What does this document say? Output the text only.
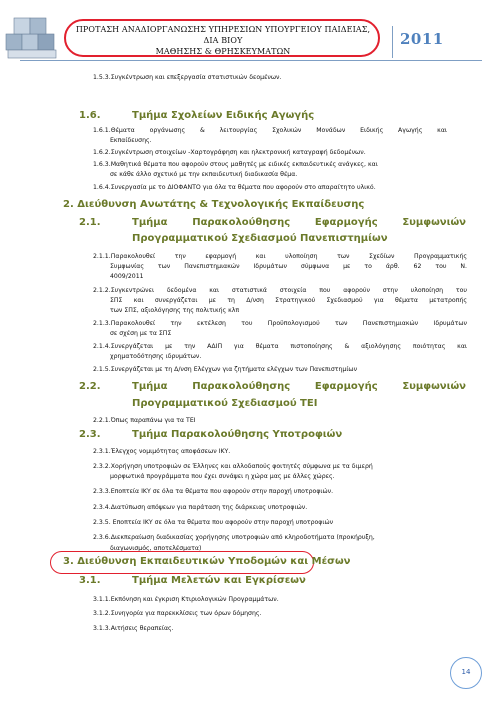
ΠΡΟΤΑΣΗ ΑΝΑΔΙΟΡΓΑΝΩΣΗΣ ΥΠΗΡΕΣΙΩΝ ΥΠΟΥΡΓΕΙΟΥ ΠΑΙΔΕΙΑΣ, ΔΙΑ ΒΙΟΥ
ΜΑΘΗΣΗΣ & ΘΡΗΣΚΕΥΜΑΤΩΝ
2011
1.5.3.Συγκέντρωση και επεξεργασία στατιστικών δεομένων.
1.6.	Τμήμα Σχολείων Ειδικής Αγωγής
1.6.1.Θέματα οργάνωσης & λειτουργίας Σχολικών Μονάδων Ειδικής Αγωγής και
Εκπαίδευσης.
1.6.2.Συγκέντρωση στοιχείων -Χαρτογράφηση και ηλεκτρονική καταγραφή δεδομένων.
1.6.3.Μαθητικά θέματα που αφορούν στους μαθητές με ειδικές εκπαιδευτικές ανάγκες, και
σε κάθε άλλο σχετικό με την εκπαιδευτική διαδικασία θέμα.
1.6.4.Συνεργασία με το ΔΙΟΦΑΝΤΟ για όλα τα θέματα που αφορούν στο απαραίτητο υλικό.
2. Διεύθυνση Ανωτάτης & Τεχνολογικής Εκπαίδευσης
2.1.	Τμήμα Παρακολούθησης Εφαρμογής Συμφωνιών
Προγραμματικού Σχεδιασμού Πανεπιστημίων
2.1.1.Παρακολουθεί την εφαρμογή και υλοποίηση των Σχεδίων Προγραμματικής
Συμφωνίας των Πανεπιστημιακών Ιδρυμάτων σύμφωνα με το άρθ. 62 του Ν.
4009/2011
2.1.2.Συγκεντρώνει δεδομένα και στατιστικά στοιχεία που αφορούν στην υλοποίηση του
ΣΠΣ και συνεργάζεται με τη Δ/νση Στρατηγικού Σχεδιασμού για θέματα μετατροπής
των ΣΠΣ, αξιολόγησης της πολιτικής κλπ
2.1.3.Παρακολουθεί την εκτέλεση του Προϋπολογισμού των Πανεπιστημιακών Ιδρυμάτων
σε σχέση με τα ΣΠΣ
2.1.4.Συνεργάζεται με την ΑΔΙΠ για θέματα πιστοποίησης & αξιολόγησης ποιότητας και
χρηματοδότησης ιδρυμάτων.
2.1.5.Συνεργάζεται με τη Δ/νση Ελέγχων για ζητήματα ελέγχων των Πανεπιστημίων
2.2.	Τμήμα Παρακολούθησης Εφαρμογής Συμφωνιών
Προγραμματικού Σχεδιασμού ΤΕΙ
2.2.1.Όπως παραπάνω για τα ΤΕΙ
2.3.	Τμήμα Παρακολούθησης Υποτροφιών
2.3.1.Έλεγχος νομιμότητας αποφάσεων ΙΚΥ.
2.3.2.Χορήγηση υποτροφιών σε Έλληνες και αλλοδαπούς φοιτητές σύμφωνα με τα διμερή
μορφωτικά προγράμματα που έχει συνάψει η χώρα μας με άλλες χώρες.
2.3.3.Εποπτεία ΙΚΥ σε όλα τα θέματα που αφορούν στην παροχή υποτροφιών.
2.3.4.Διατύπωση απόψεων για παράταση της διάρκειας υποτροφιών.
2.3.5. Εποπτεία ΙΚΥ σε όλα τα θέματα που αφορούν στην παροχή υποτροφιών
2.3.6.Διεκπεραίωση διαδικασίας χορήγησης υποτροφιών από κληροδοτήματα (προκήρυξη,
διαγωνισμός, αποτελέσματα)
3. Διεύθυνση Εκπαιδευτικών Υποδομών και Μέσων
3.1.	Τμήμα Μελετών και Εγκρίσεων
3.1.1.Εκπόνηση και έγκριση Κτιριολογικών Προγραμμάτων.
3.1.2.Συνηγορία για παρεκκλίσεις των όρων δόμησης.
3.1.3.Αιτήσεις θεραπείας.
14
